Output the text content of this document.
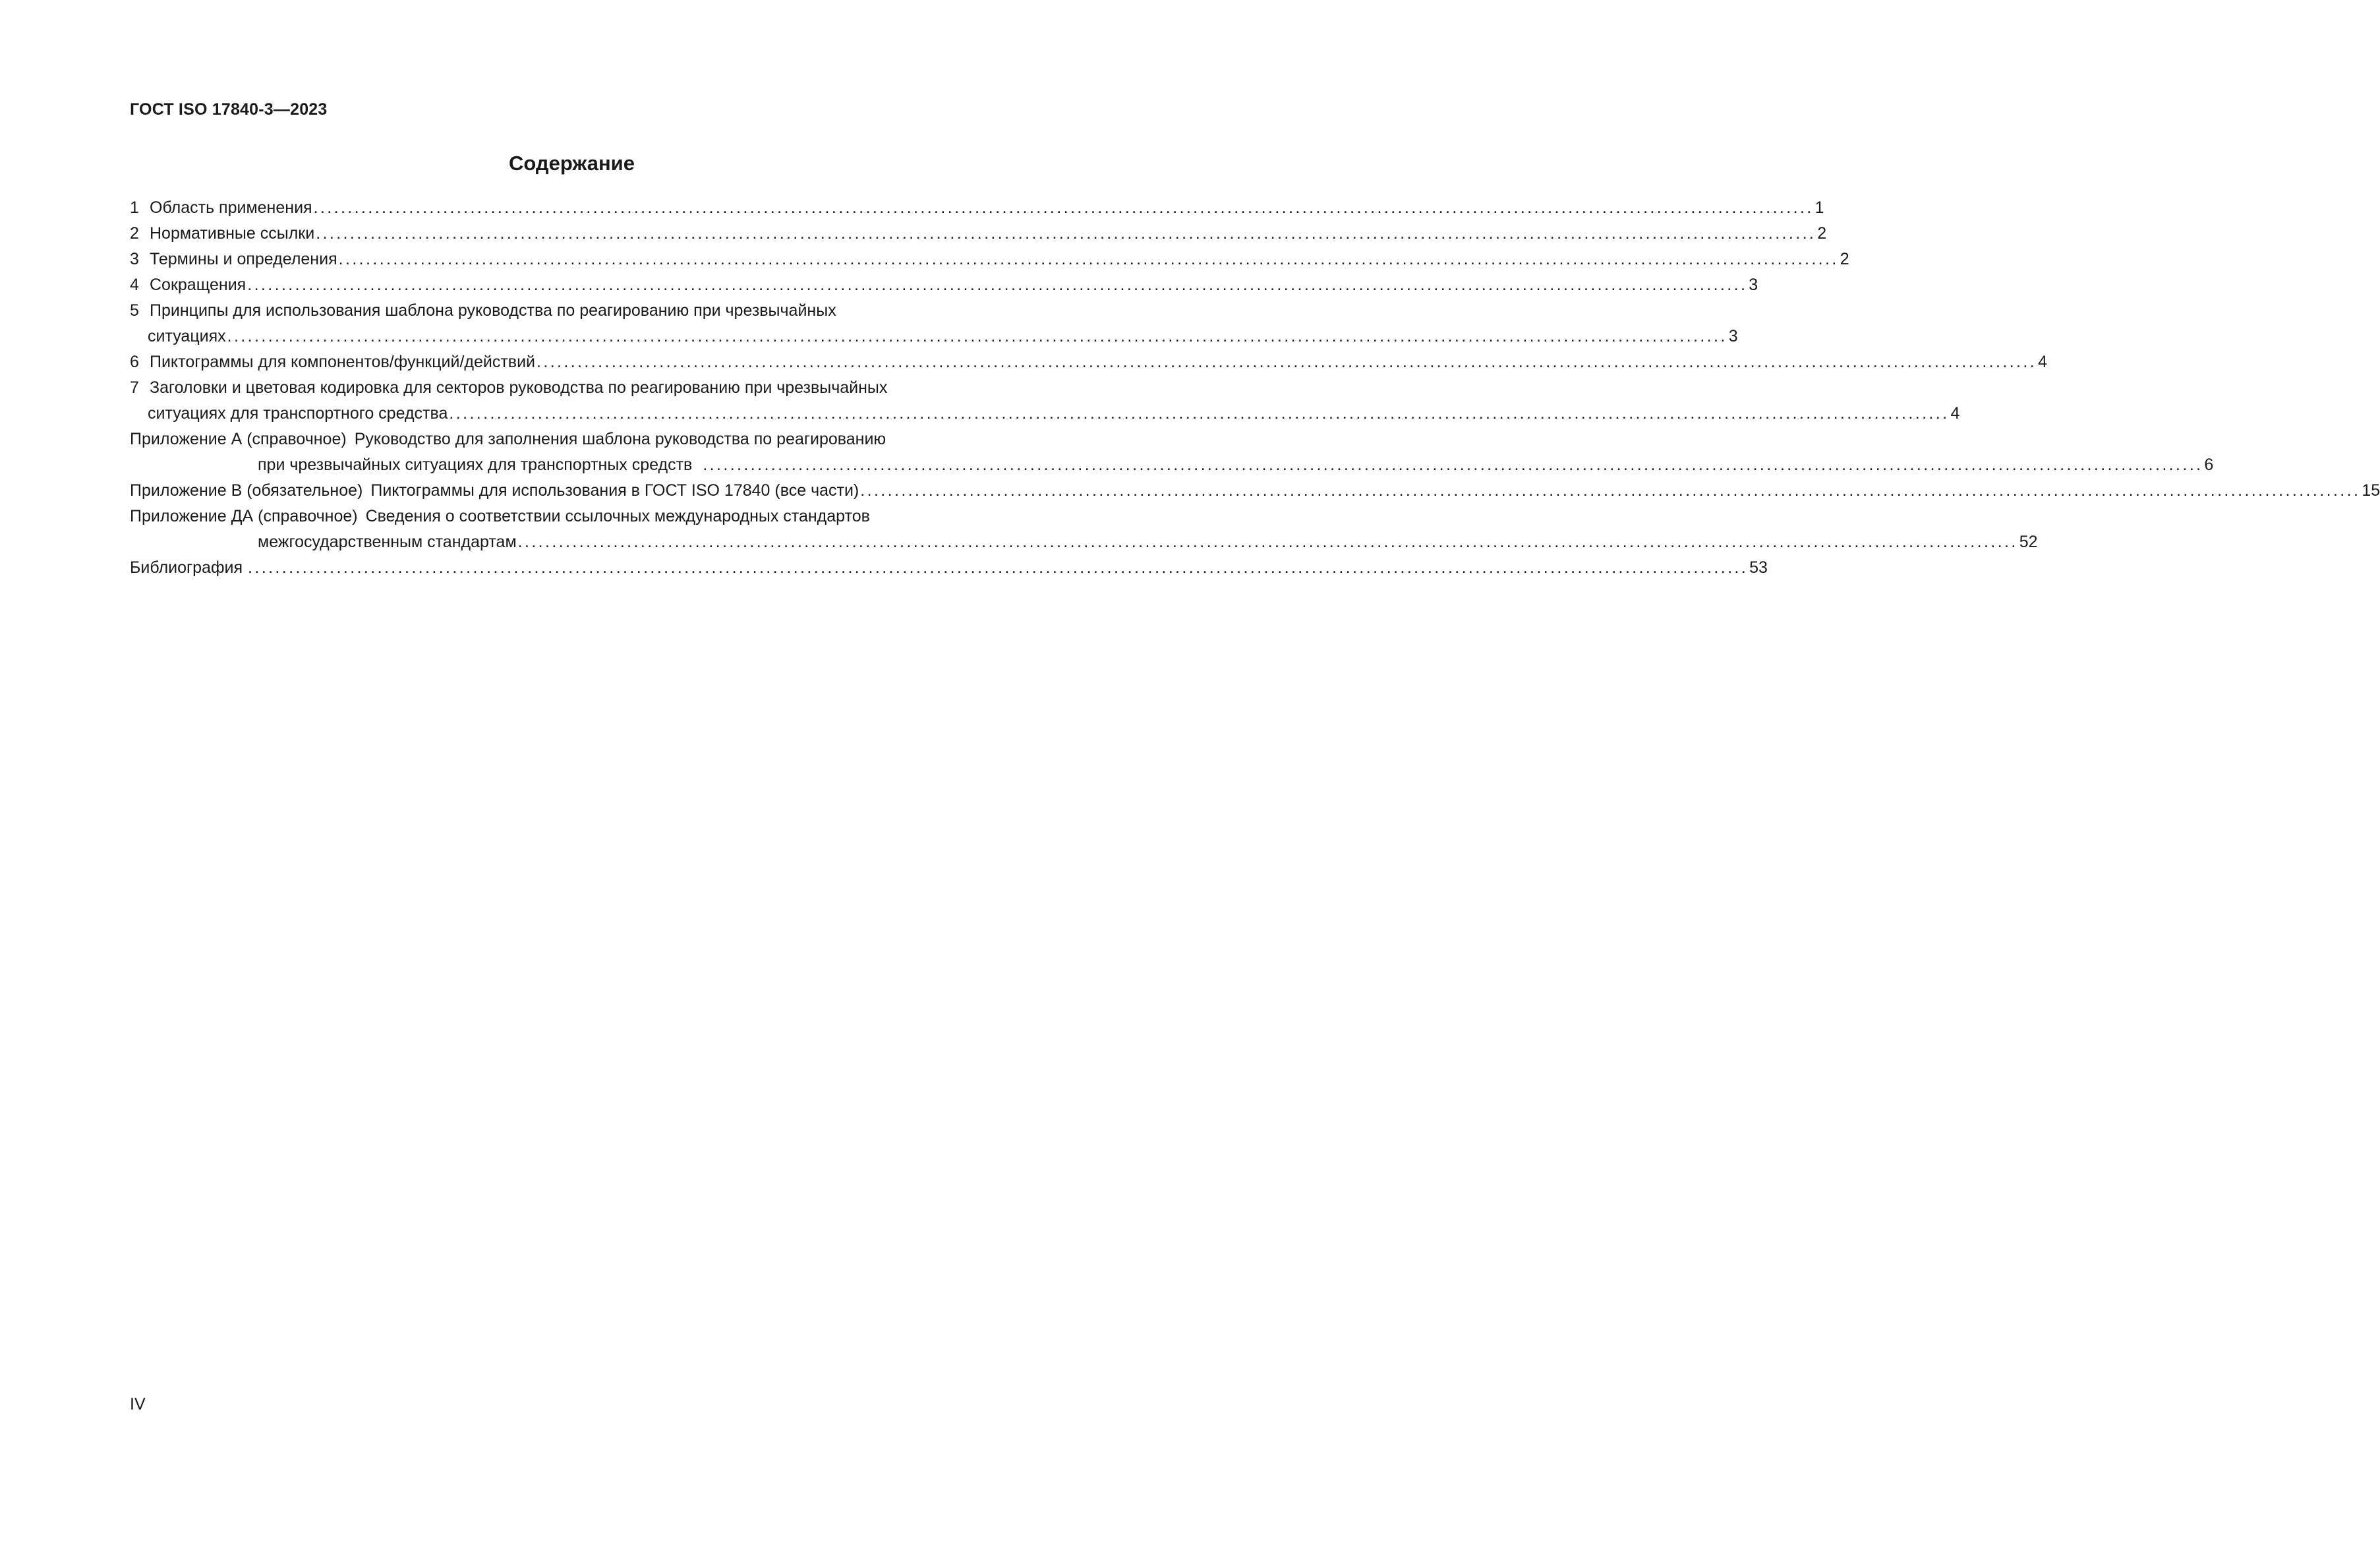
ГОСТ ISO 17840-3—2023
Содержание
1 Область применения ............................................................................................................................................................................................................................ 1
2 Нормативные ссылки ............................................................................................................................................................................................................................ 2
3 Термины и определения ............................................................................................................................................................................................................................ 2
4 Сокращения ............................................................................................................................................................................................................................ 3
5 Принципы для использования шаблона руководства по реагированию при чрезвычайных
ситуациях ............................................................................................................................................................................................................................ 3
6 Пиктограммы для компонентов/функций/действий ............................................................................................................................................................................................................................ 4
7 Заголовки и цветовая кодировка для секторов руководства по реагированию при чрезвычайных
ситуациях для транспортного средства ............................................................................................................................................................................................................................ 4
Приложение А (справочное) Руководство для заполнения шаблона руководства по реагированию
при чрезвычайных ситуациях для транспортных средств ............................................................................................................................................................................................................................ 6
Приложение В (обязательное) Пиктограммы для использования в ГОСТ ISO 17840 (все части) ............................................................................................................................................................................................................................ 15
Приложение ДА (справочное) Сведения о соответствии ссылочных международных стандартов
межгосударственным стандартам ............................................................................................................................................................................................................................ 52
Библиография ............................................................................................................................................................................................................................ 53
IV
